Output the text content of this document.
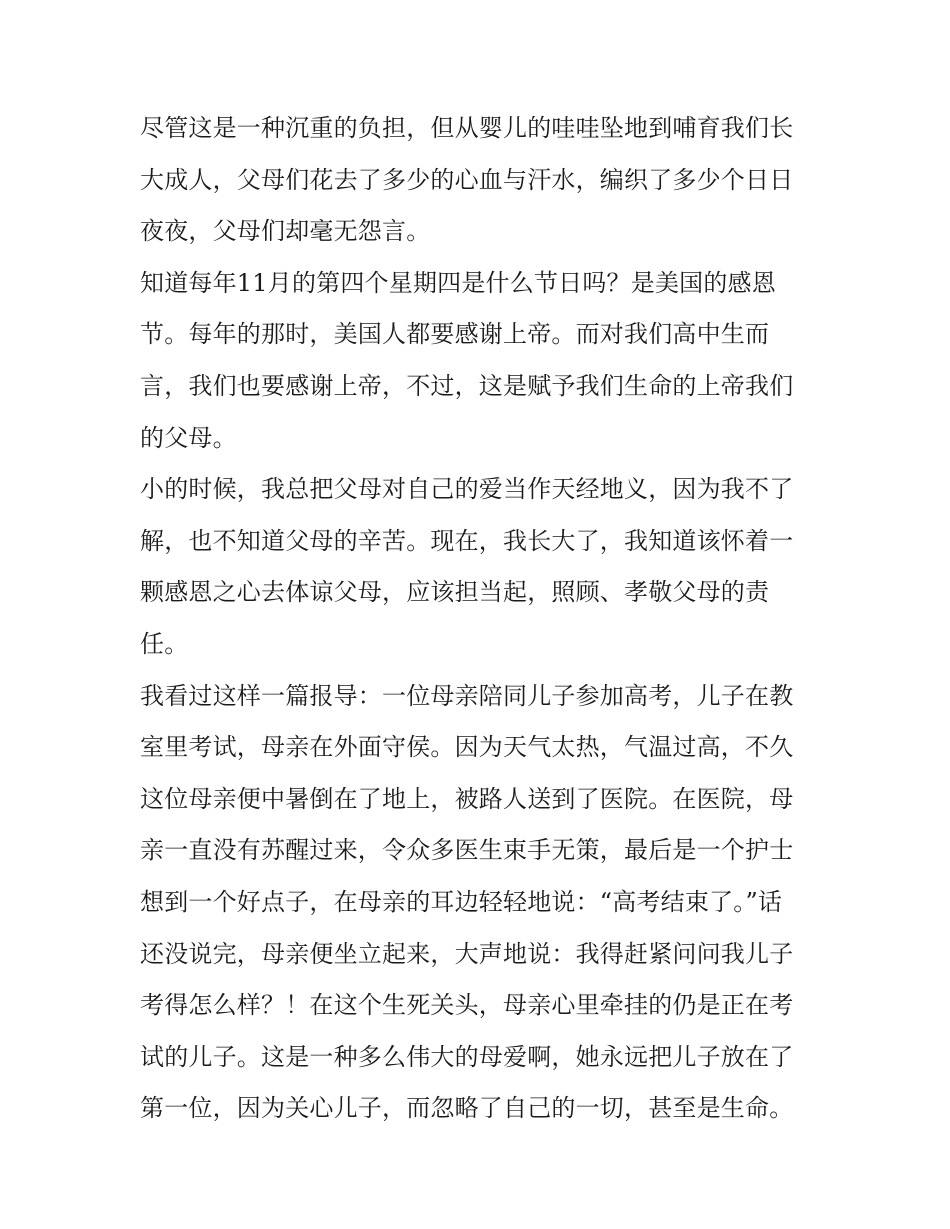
尽管这是一种沉重的负担，但从婴儿的哇哇坠地到哺育我们长

大成人，父母们花去了多少的心血与汗水，编织了多少个日日

夜夜，父母们却毫无怨言。

知道每年11月的第四个星期四是什么节日吗？是美国的感恩

节。每年的那时，美国人都要感谢上帝。而对我们高中生而

言，我们也要感谢上帝，不过，这是赋予我们生命的上帝我们

的父母。

小的时候，我总把父母对自己的爱当作天经地义，因为我不了

解，也不知道父母的辛苦。现在，我长大了，我知道该怀着一

颗感恩之心去体谅父母，应该担当起，照顾、孝敬父母的责

任。

我看过这样一篇报导：一位母亲陪同儿子参加高考，儿子在教

室里考试，母亲在外面守侯。因为天气太热，气温过高，不久

这位母亲便中暑倒在了地上，被路人送到了医院。在医院，母

亲一直没有苏醒过来，令众多医生束手无策，最后是一个护士

想到一个好点子，在母亲的耳边轻轻地说：“高考结束了。”话

还没说完，母亲便坐立起来，大声地说：我得赶紧问问我儿子

考得怎么样？！在这个生死关头，母亲心里牵挂的仍是正在考

试的儿子。这是一种多么伟大的母爱啊，她永远把儿子放在了

第一位，因为关心儿子，而忽略了自己的一切，甚至是生命。
